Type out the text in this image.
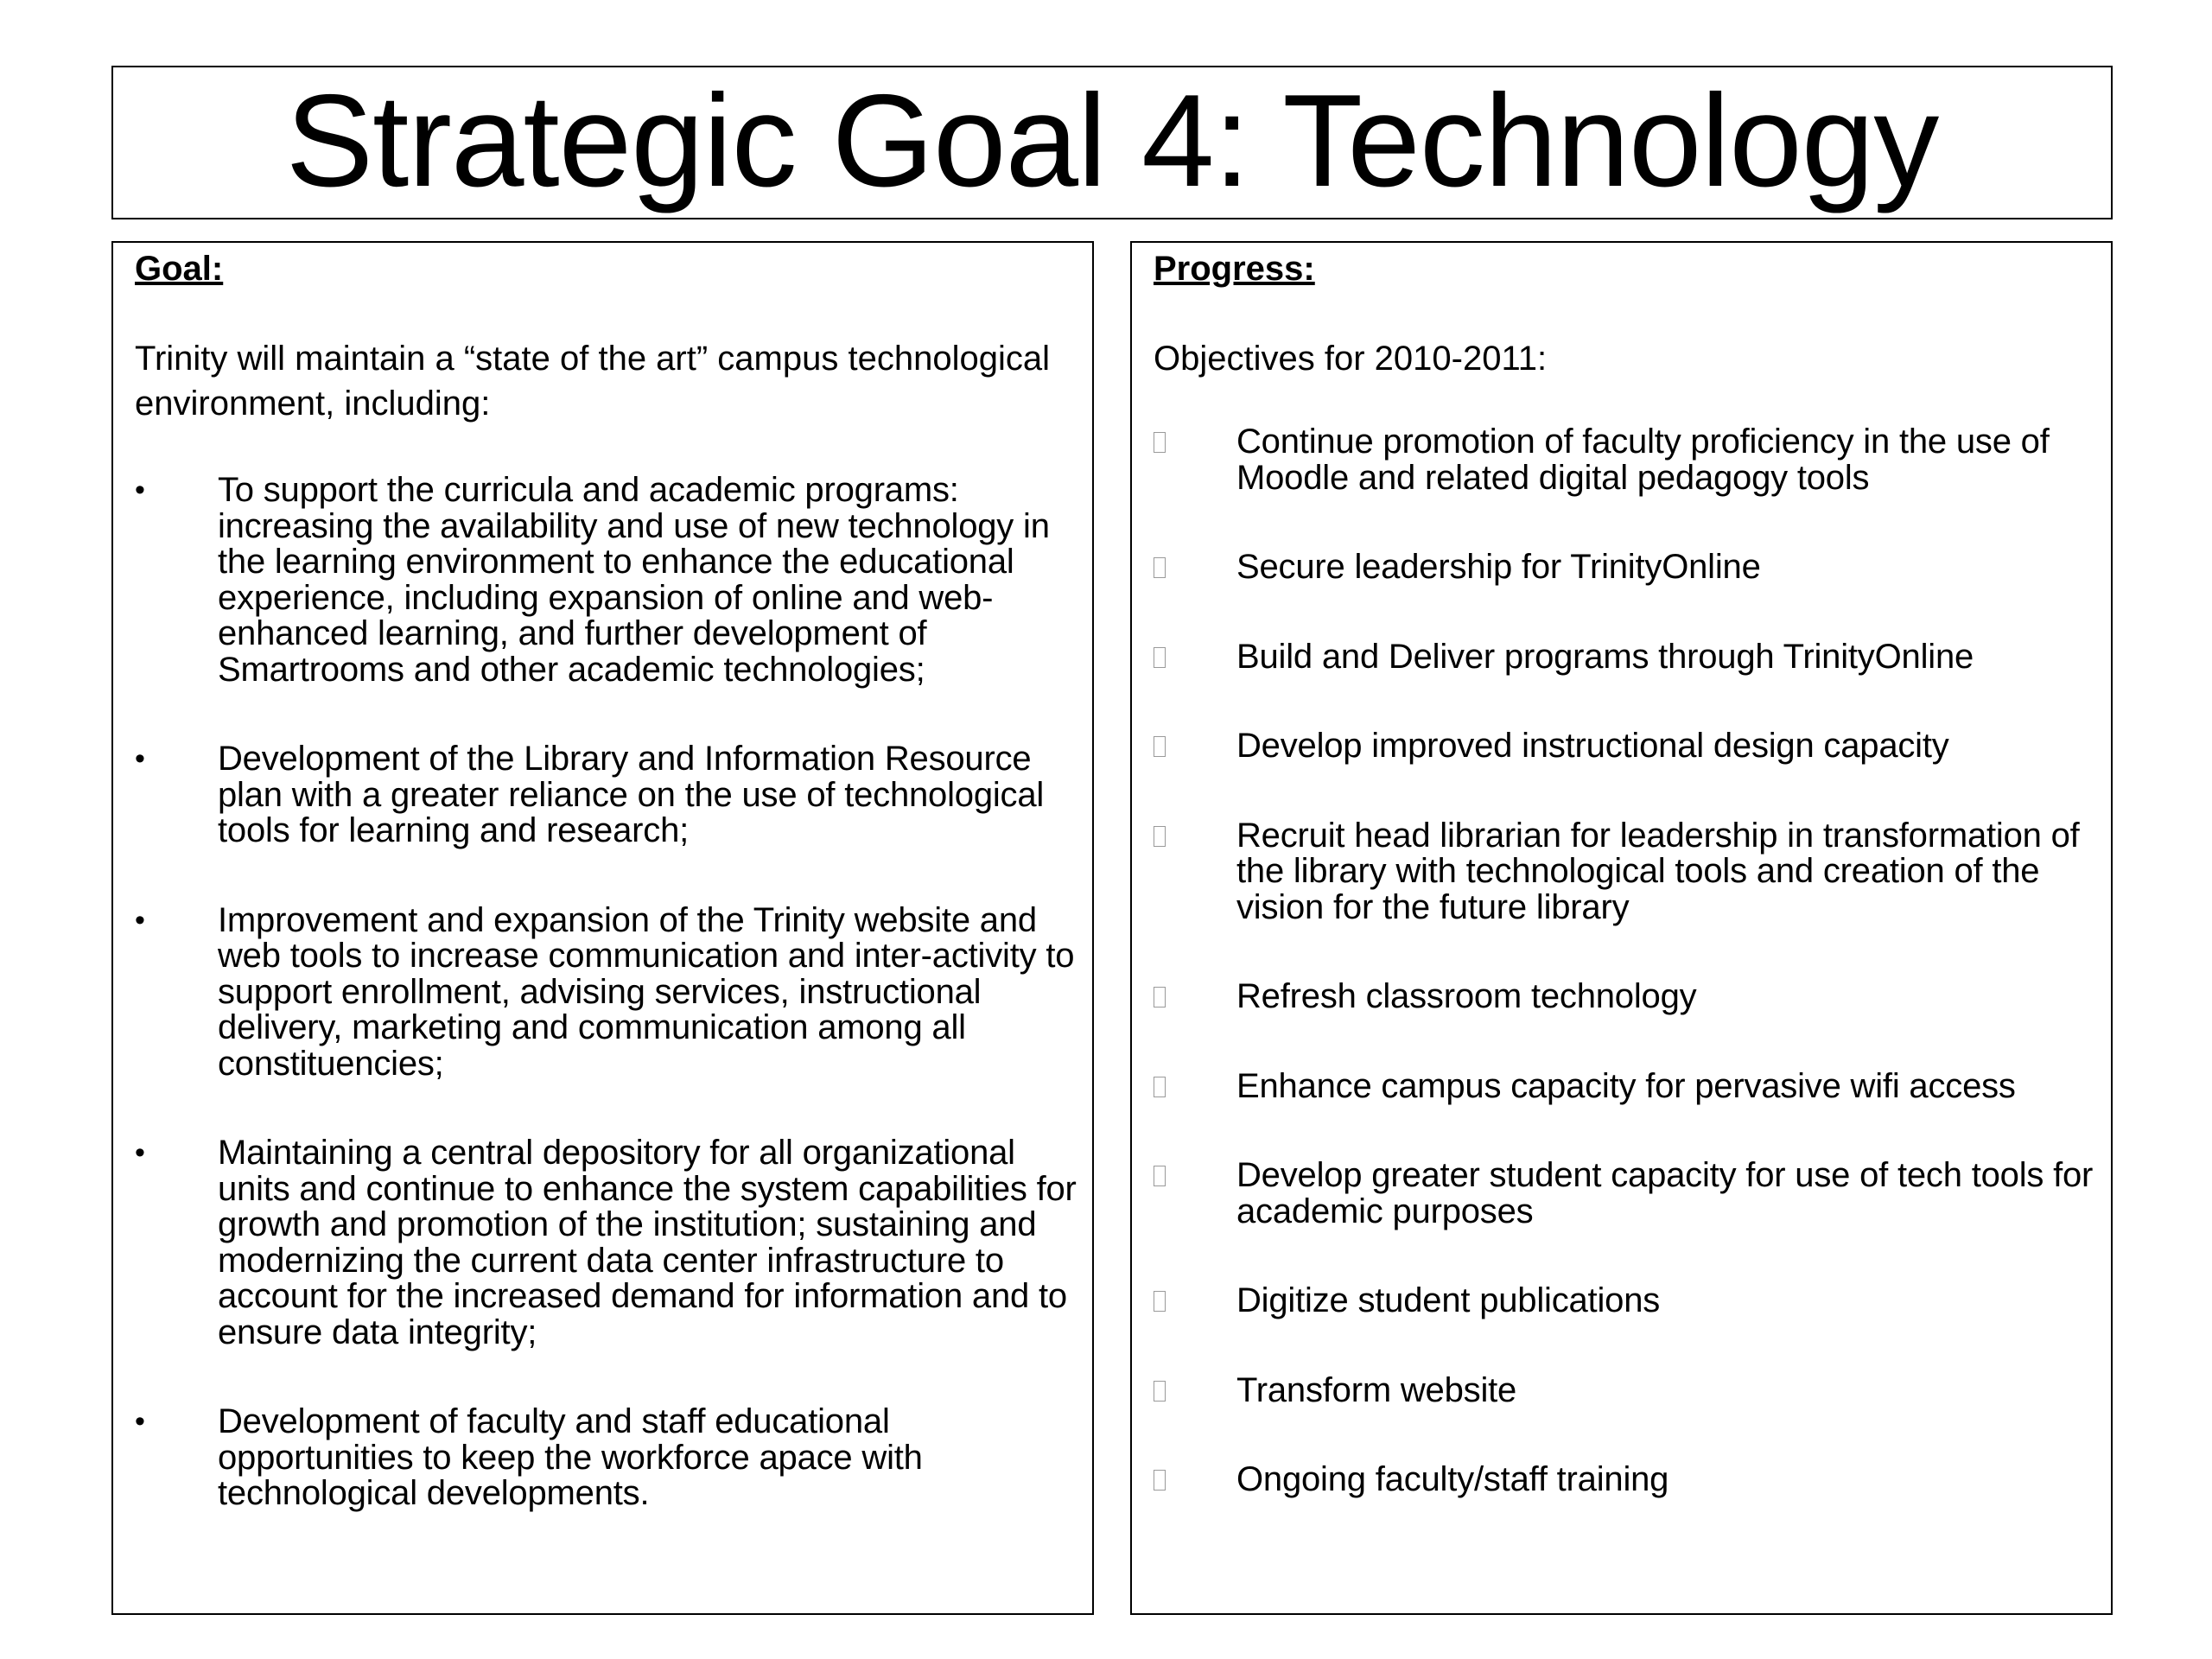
Strategic Goal 4: Technology
Goal:
Trinity will maintain a “state of the art” campus technological environment, including:
•	To support the curricula and academic programs: increasing the availability and use of new technology in the learning environment to enhance the educational experience, including expansion of online and web-enhanced learning, and further development of Smartrooms and other academic technologies;
•	Development of the Library and Information Resource plan with a greater reliance on the use of technological tools for learning and research;
•	Improvement and expansion of the Trinity website and web tools to increase communication and inter-activity to support enrollment, advising services, instructional delivery, marketing and communication among all constituencies;
•	Maintaining a central depository for all organizational units and continue to enhance the system capabilities for growth and promotion of the institution; sustaining and modernizing the current data center infrastructure to account for the increased demand for information and to ensure data integrity;
•	Development of faculty and staff educational opportunities to keep the workforce apace with technological developments.
Progress:
Objectives for 2010-2011:
Continue promotion of faculty proficiency in the use of Moodle and related digital pedagogy tools
Secure leadership for TrinityOnline
Build and Deliver programs through TrinityOnline
Develop improved instructional design capacity
Recruit head librarian for leadership in transformation of the library with technological tools and creation of the vision for the future library
Refresh classroom technology
Enhance campus capacity for pervasive wifi access
Develop greater student capacity for use of tech tools for academic purposes
Digitize student publications
Transform website
Ongoing faculty/staff training
